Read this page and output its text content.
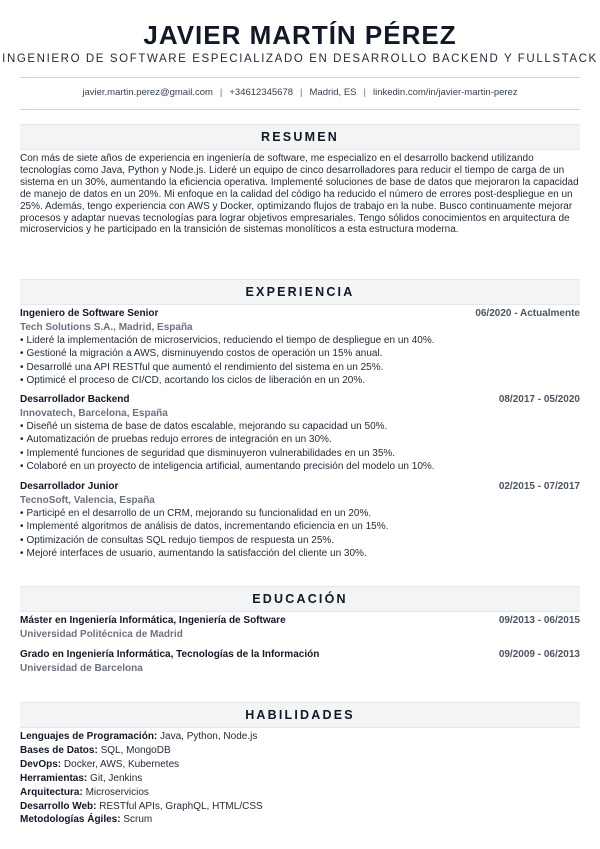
JAVIER MARTÍN PÉREZ
INGENIERO DE SOFTWARE ESPECIALIZADO EN DESARROLLO BACKEND Y FULLSTACK
javier.martin.perez@gmail.com | +34612345678 | Madrid, ES | linkedin.com/in/javier-martin-perez
RESUMEN
Con más de siete años de experiencia en ingeniería de software, me especializo en el desarrollo backend utilizando tecnologías como Java, Python y Node.js. Lideré un equipo de cinco desarrolladores para reducir el tiempo de carga de un sistema en un 30%, aumentando la eficiencia operativa. Implementé soluciones de base de datos que mejoraron la capacidad de manejo de datos en un 20%. Mi enfoque en la calidad del código ha reducido el número de errores post-despliegue en un 25%. Además, tengo experiencia con AWS y Docker, optimizando flujos de trabajo en la nube. Busco continuamente mejorar procesos y adaptar nuevas tecnologías para lograr objetivos empresariales. Tengo sólidos conocimientos en arquitectura de microservicios y he participado en la transición de sistemas monolíticos a esta estructura moderna.
EXPERIENCIA
Ingeniero de Software Senior	06/2020 - Actualmente
Tech Solutions S.A., Madrid, España
• Lideré la implementación de microservicios, reduciendo el tiempo de despliegue en un 40%.
• Gestioné la migración a AWS, disminuyendo costos de operación un 15% anual.
• Desarrollé una API RESTful que aumentó el rendimiento del sistema en un 25%.
• Optimicé el proceso de CI/CD, acortando los ciclos de liberación en un 20%.
Desarrollador Backend	08/2017 - 05/2020
Innovatech, Barcelona, España
• Diseñé un sistema de base de datos escalable, mejorando su capacidad un 50%.
• Automatización de pruebas redujo errores de integración en un 30%.
• Implementé funciones de seguridad que disminuyeron vulnerabilidades en un 35%.
• Colaboré en un proyecto de inteligencia artificial, aumentando precisión del modelo un 10%.
Desarrollador Junior	02/2015 - 07/2017
TecnoSoft, Valencia, España
• Participé en el desarrollo de un CRM, mejorando su funcionalidad en un 20%.
• Implementé algoritmos de análisis de datos, incrementando eficiencia en un 15%.
• Optimización de consultas SQL redujo tiempos de respuesta un 25%.
• Mejoré interfaces de usuario, aumentando la satisfacción del cliente un 30%.
EDUCACIÓN
Máster en Ingeniería Informática, Ingeniería de Software	09/2013 - 06/2015
Universidad Politécnica de Madrid
Grado en Ingeniería Informática, Tecnologías de la Información	09/2009 - 06/2013
Universidad de Barcelona
HABILIDADES
Lenguajes de Programación: Java, Python, Node.js
Bases de Datos: SQL, MongoDB
DevOps: Docker, AWS, Kubernetes
Herramientas: Git, Jenkins
Arquitectura: Microservicios
Desarrollo Web: RESTful APIs, GraphQL, HTML/CSS
Metodologías Ágiles: Scrum
